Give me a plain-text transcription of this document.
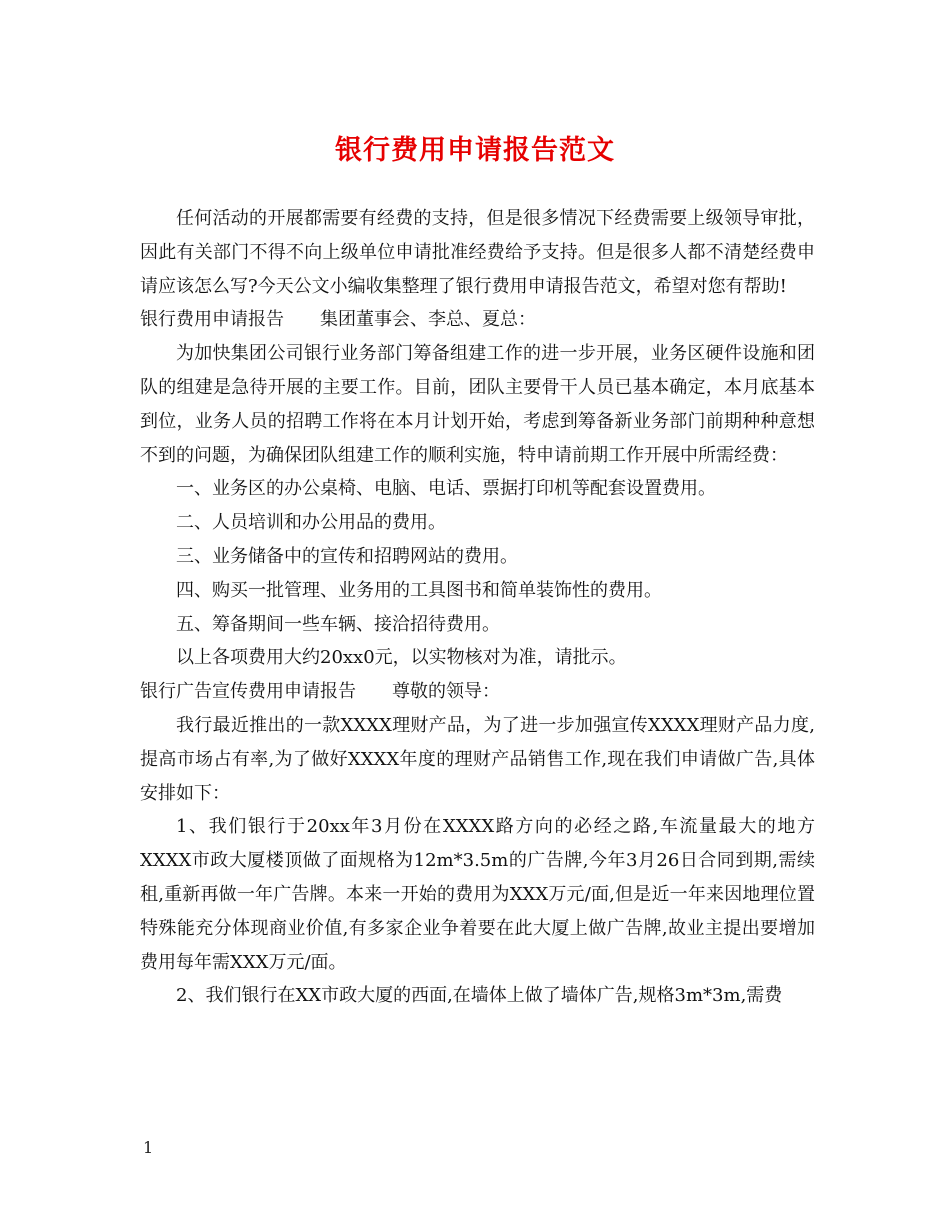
银行费用申请报告范文

任何活动的开展都需要有经费的支持，但是很多情况下经费需要上级领导审批，因此有关部门不得不向上级单位申请批准经费给予支持。但是很多人都不清楚经费申请应该怎么写?今天公文小编收集整理了银行费用申请报告范文，希望对您有帮助!

银行费用申请报告 集团董事会、李总、夏总：

为加快集团公司银行业务部门筹备组建工作的进一步开展，业务区硬件设施和团队的组建是急待开展的主要工作。目前，团队主要骨干人员已基本确定，本月底基本到位，业务人员的招聘工作将在本月计划开始，考虑到筹备新业务部门前期种种意想不到的问题，为确保团队组建工作的顺利实施，特申请前期工作开展中所需经费：

一、业务区的办公桌椅、电脑、电话、票据打印机等配套设置费用。

二、人员培训和办公用品的费用。

三、业务储备中的宣传和招聘网站的费用。

四、购买一批管理、业务用的工具图书和简单装饰性的费用。

五、筹备期间一些车辆、接洽招待费用。

以上各项费用大约20xx0元，以实物核对为准，请批示。

银行广告宣传费用申请报告 尊敬的领导：

我行最近推出的一款XXXX理财产品，为了进一步加强宣传XXXX理财产品力度,提高市场占有率,为了做好XXXX年度的理财产品销售工作,现在我们申请做广告,具体安排如下：

1、我们银行于20xx年3月份在XXXX路方向的必经之路,车流量最大的地方XXXX市政大厦楼顶做了面规格为12m*3.5m的广告牌,今年3月26日合同到期,需续租,重新再做一年广告牌。本来一开始的费用为XXX万元/面,但是近一年来因地理位置特殊能充分体现商业价值,有多家企业争着要在此大厦上做广告牌,故业主提出要增加费用每年需XXX万元/面。

2、我们银行在XX市政大厦的西面,在墙体上做了墙体广告,规格3m*3m,需费

1
